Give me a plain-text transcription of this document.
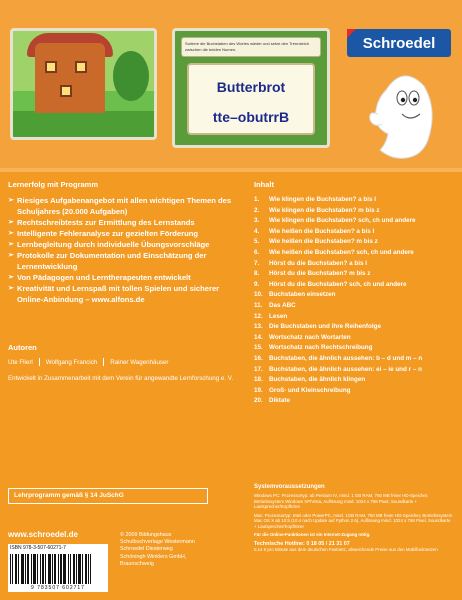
Sortiere die Buchstaben des Wortes wieder und setze den Trennstrich zwischen die beiden Nomen.
Butterbrot
tte–obutrrB
Schroedel
Lernerfolg mit Programm
➢ Riesiges Aufgabenangebot mit allen wichtigen Themen des Schuljahres (20.000 Aufgaben)
➢ Rechtschreibtests zur Ermittlung des Lernstands
➢ Intelligente Fehleranalyse zur gezielten Förderung
➢ Lernbegleitung durch individuelle Übungsvorschläge
➢ Protokolle zur Dokumentation und Einschätzung der Lernentwicklung
➢ Von Pädagogen und Lerntherapeuten entwickelt
➢ Kreativität und Lernspaß mit tollen Spielen und sicherer Online-Anbindung – www.alfons.de
Autoren
Ute Flierl Wolfgang Francich Rainer Wagenhäuser

Entwickelt in Zusammenarbeit mit dem Verein für angewandte Lernforschung e. V.

Inhalt
1.	Wie klingen die Buchstaben? a bis l
2.	Wie klingen die Buchstaben? m bis z
3.	Wie klingen die Buchstaben? sch, ch und andere
4.	Wie heißen die Buchstaben? a bis l
5.	Wie heißen die Buchstaben? m bis z
6.	Wie heißen die Buchstaben? sch, ch und andere
7.	Hörst du die Buchstaben? a bis l
8.	Hörst du die Buchstaben? m bis z
9.	Hörst du die Buchstaben? sch, ch und andere
10. Buchstaben einsetzen
11.	Das ABC
12. Lesen
13. Die Buchstaben und ihre Reihenfolge
14. Wortschatz nach Wortarten
15. Wortschatz nach Rechtschreibung
16. Buchstaben, die ähnlich aussehen: b – d und m – n
17. Buchstaben, die ähnlich aussehen: ei – ie und r – n
18. Buchstaben, die ähnlich klingen
19. Groß- und Kleinschreibung
20. Diktate
Lehrprogramm gemäß § 14 JuSchG
www.schroedel.de
ISBN 978-3-507-60271-7
9 783507 602717
© 2009 Bildungshaus
Schulbuchverlage Westermann
Schroedel Diesterweg
Schöningh Winklers GmbH,
Braunschweig
Systemvoraussetzungen

Windows PC: Prozessortyp: ab Pentium IV, mind. 1 GB RAM, 750 MB freier HD-Speicher, Betriebssystem Windows XP/Vista, Auflösung mind. 1024 x 768 Pixel, Soundkarte + Lautsprecher/Kopfhörer

Mac: Prozessortyp: Intel oder PowerPC, mind. 1GB RAM, 750 MB freier HD-Speicher, Betriebssystem Mac OS X ab 10.5 (10.4 nach Update auf Python 2.6), Auflösung mind. 1024 x 768 Pixel, Soundkarte + Lautsprecher/Kopfhörer

Für die Online-Funktionen ist ein Internet-Zugang nötig.

Technische Hotline: 0 18 05 / 21 31 07

0,14 € pro Minute aus dem deutschen Festnetz, abweichende Preise aus den Mobilfunknetzen
